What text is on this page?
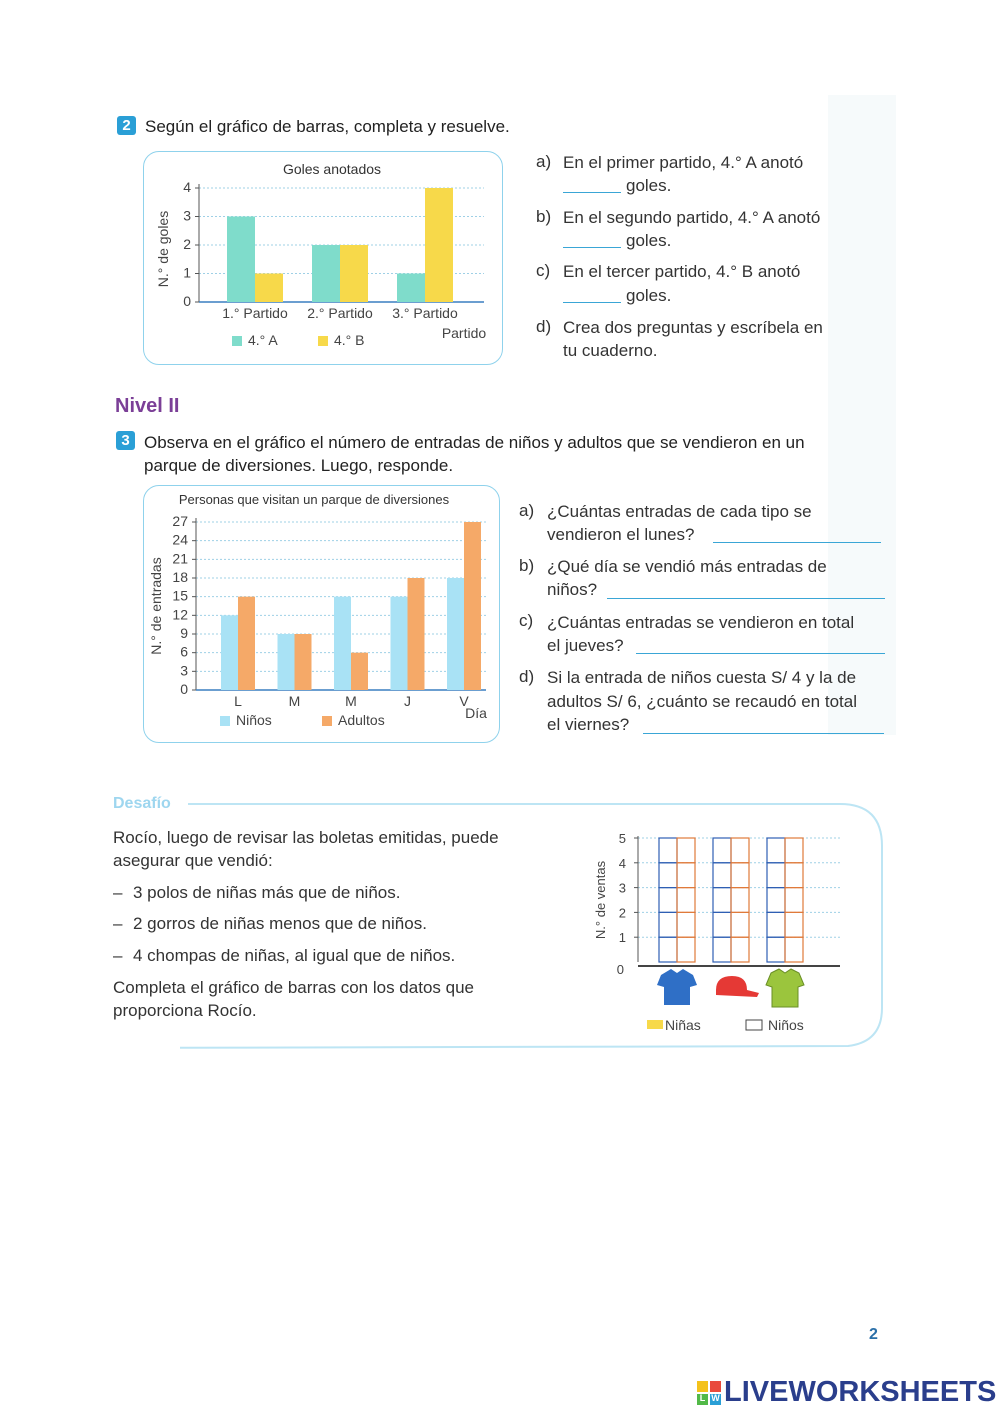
2 Según el gráfico de barras, completa y resuelve.
Goles anotados
0
1
2
3
4
N.° de goles
Partido
1.° Partido 2.° Partido 3.° Partido
4.° A	4.° B
a) En el primer partido, 4.° A anotó
goles.
b) En el segundo partido, 4.° A anotó
goles.
c) En el tercer partido, 4.° B anotó
goles.
d) Crea dos preguntas y escríbela en
tu cuaderno.
Nivel II
3 Observa en el gráfico el número de entradas de niños y adultos que se vendieron en un
parque de diversiones. Luego, responde.
Personas que visitan un parque de diversiones
0
3
6
9
12
15
18
21
24
27
N.° de entradas
Día
L	M	M	J	V
Niños	Adultos
a) ¿Cuántas entradas de cada tipo se
vendieron el lunes?
b) ¿Qué día se vendió más entradas de
niños?
c) ¿Cuántas entradas se vendieron en total
el jueves?
d) Si la entrada de niños cuesta S/ 4 y la de
adultos S/ 6, ¿cuánto se recaudó en total
el viernes?
Desafío
Rocío, luego de revisar las boletas emitidas, puede
asegurar que vendió:
– 3 polos de niñas más que de niños.
– 2 gorros de niñas menos que de niños.
– 4 chompas de niñas, al igual que de niños.
Completa el gráfico de barras con los datos que
proporciona Rocío.
0
1
2
3
4
5
N.° de ventas
Niñas	Niños
2
L W LIVEWORKSHEETS
